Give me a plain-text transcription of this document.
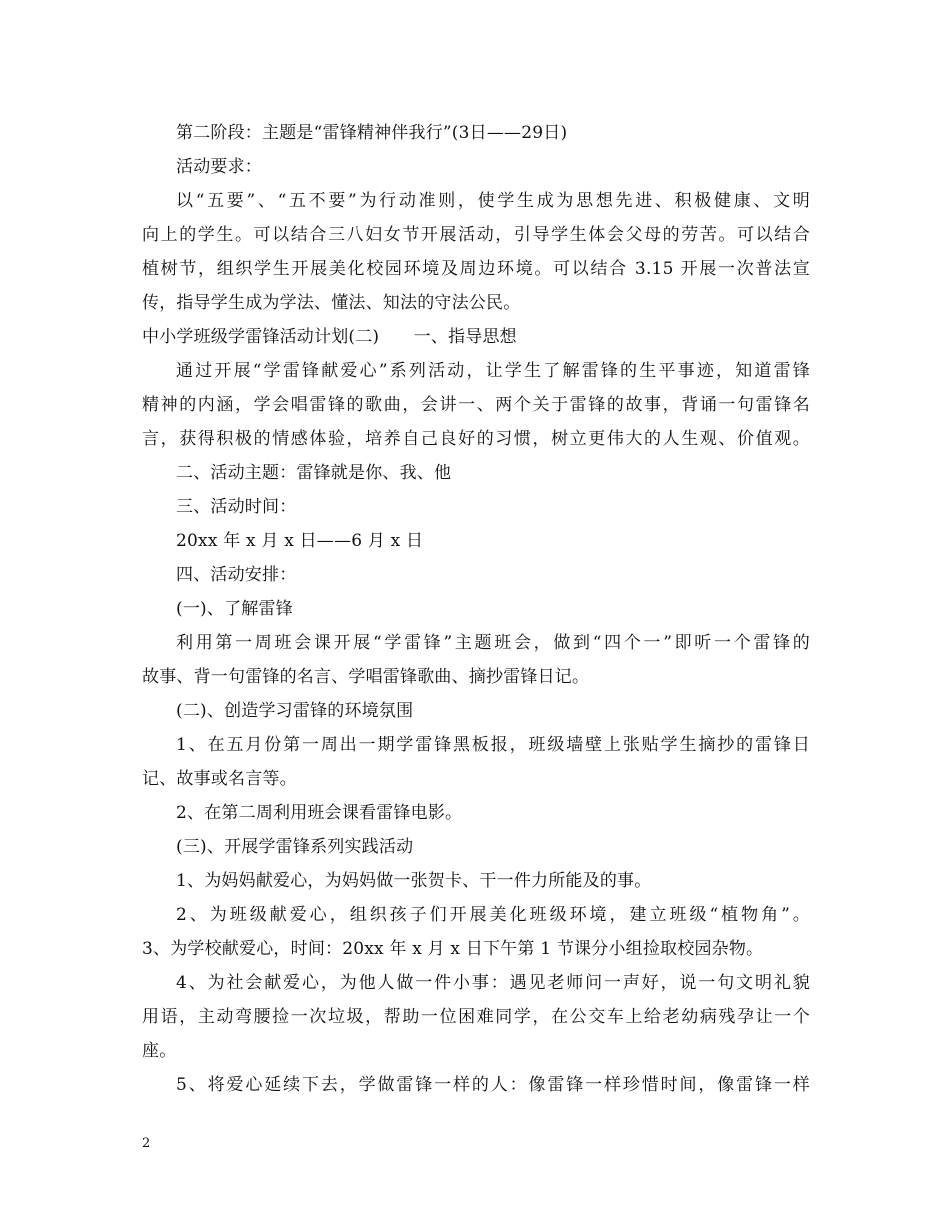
第二阶段：主题是“雷锋精神伴我行”(3日——29日)
活动要求：
以“五要”、“五不要”为行动准则，使学生成为思想先进、积极健康、文明
向上的学生。可以结合三八妇女节开展活动，引导学生体会父母的劳苦。可以结合
植树节，组织学生开展美化校园环境及周边环境。可以结合 3.15 开展一次普法宣
传，指导学生成为学法、懂法、知法的守法公民。
中小学班级学雷锋活动计划(二)　　一、指导思想
通过开展“学雷锋献爱心”系列活动，让学生了解雷锋的生平事迹，知道雷锋
精神的内涵，学会唱雷锋的歌曲，会讲一、两个关于雷锋的故事，背诵一句雷锋名
言，获得积极的情感体验，培养自己良好的习惯，树立更伟大的人生观、价值观。
二、活动主题：雷锋就是你、我、他
三、活动时间：
20xx 年 x 月 x 日——6 月 x 日
四、活动安排：
(一)、了解雷锋
利用第一周班会课开展“学雷锋”主题班会，做到“四个一”即听一个雷锋的
故事、背一句雷锋的名言、学唱雷锋歌曲、摘抄雷锋日记。
(二)、创造学习雷锋的环境氛围
1、在五月份第一周出一期学雷锋黑板报，班级墙壁上张贴学生摘抄的雷锋日
记、故事或名言等。
2、在第二周利用班会课看雷锋电影。
(三)、开展学雷锋系列实践活动
1、为妈妈献爱心，为妈妈做一张贺卡、干一件力所能及的事。
2、为班级献爱心，组织孩子们开展美化班级环境，建立班级“植物角”。
3、为学校献爱心，时间：20xx 年 x 月 x 日下午第 1 节课分小组捡取校园杂物。
4、为社会献爱心，为他人做一件小事：遇见老师问一声好，说一句文明礼貌
用语，主动弯腰捡一次垃圾，帮助一位困难同学，在公交车上给老幼病残孕让一个
座。
5、将爱心延续下去，学做雷锋一样的人：像雷锋一样珍惜时间，像雷锋一样
2
